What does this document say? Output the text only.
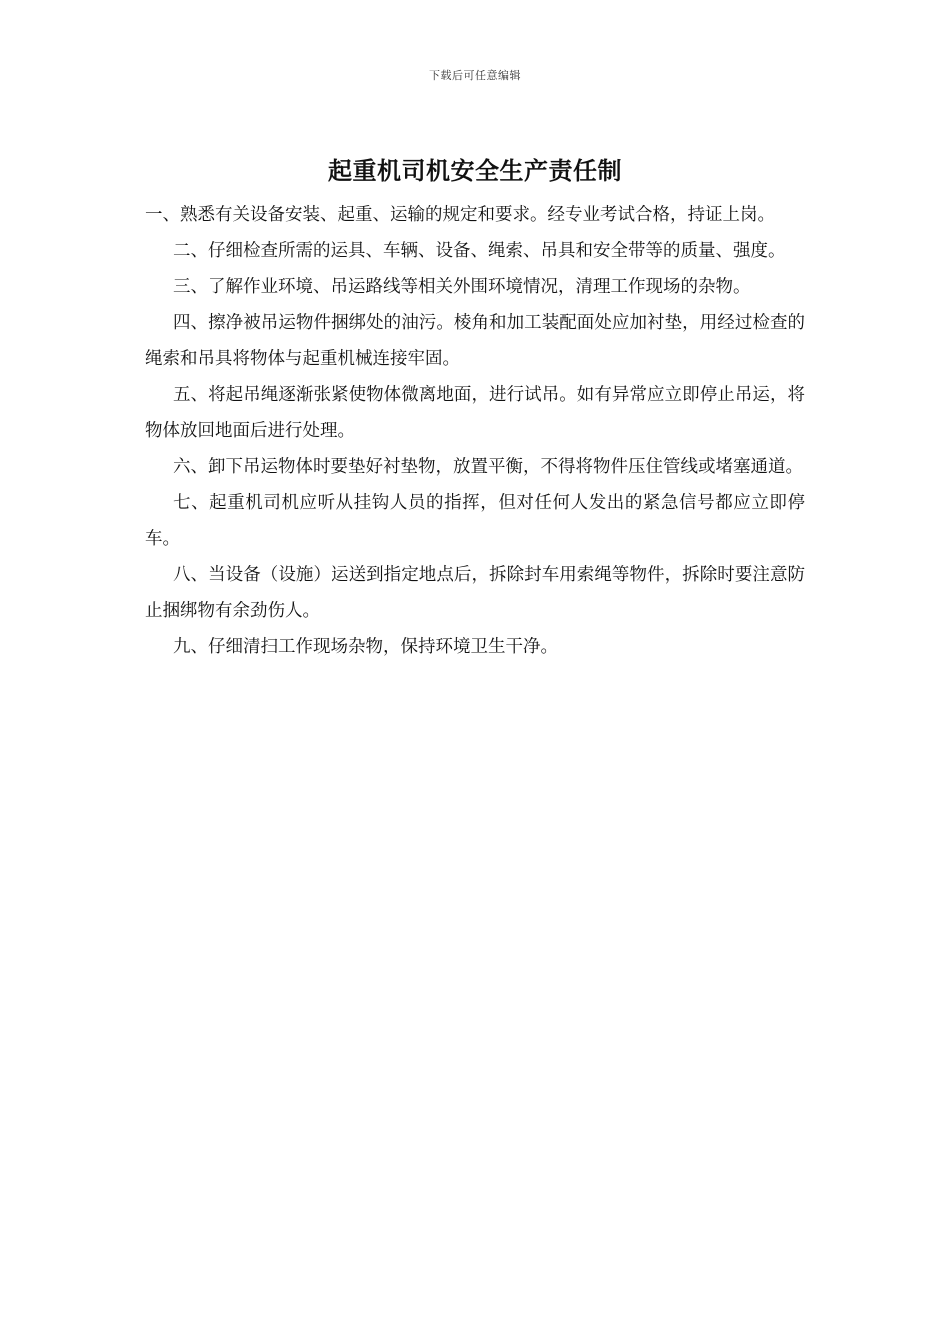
下载后可任意编辑
起重机司机安全生产责任制

一、熟悉有关设备安装、起重、运输的规定和要求。经专业考试合格，持证上岗。

二、仔细检查所需的运具、车辆、设备、绳索、吊具和安全带等的质量、强度。

三、了解作业环境、吊运路线等相关外围环境情况，清理工作现场的杂物。

四、擦净被吊运物件捆绑处的油污。棱角和加工装配面处应加衬垫，用经过检查的绳索和吊具将物体与起重机械连接牢固。

五、将起吊绳逐渐张紧使物体微离地面，进行试吊。如有异常应立即停止吊运，将物体放回地面后进行处理。

六、卸下吊运物体时要垫好衬垫物，放置平衡，不得将物件压住管线或堵塞通道。

七、起重机司机应听从挂钩人员的指挥，但对任何人发出的紧急信号都应立即停车。

八、当设备（设施）运送到指定地点后，拆除封车用索绳等物件，拆除时要注意防止捆绑物有余劲伤人。

九、仔细清扫工作现场杂物，保持环境卫生干净。
